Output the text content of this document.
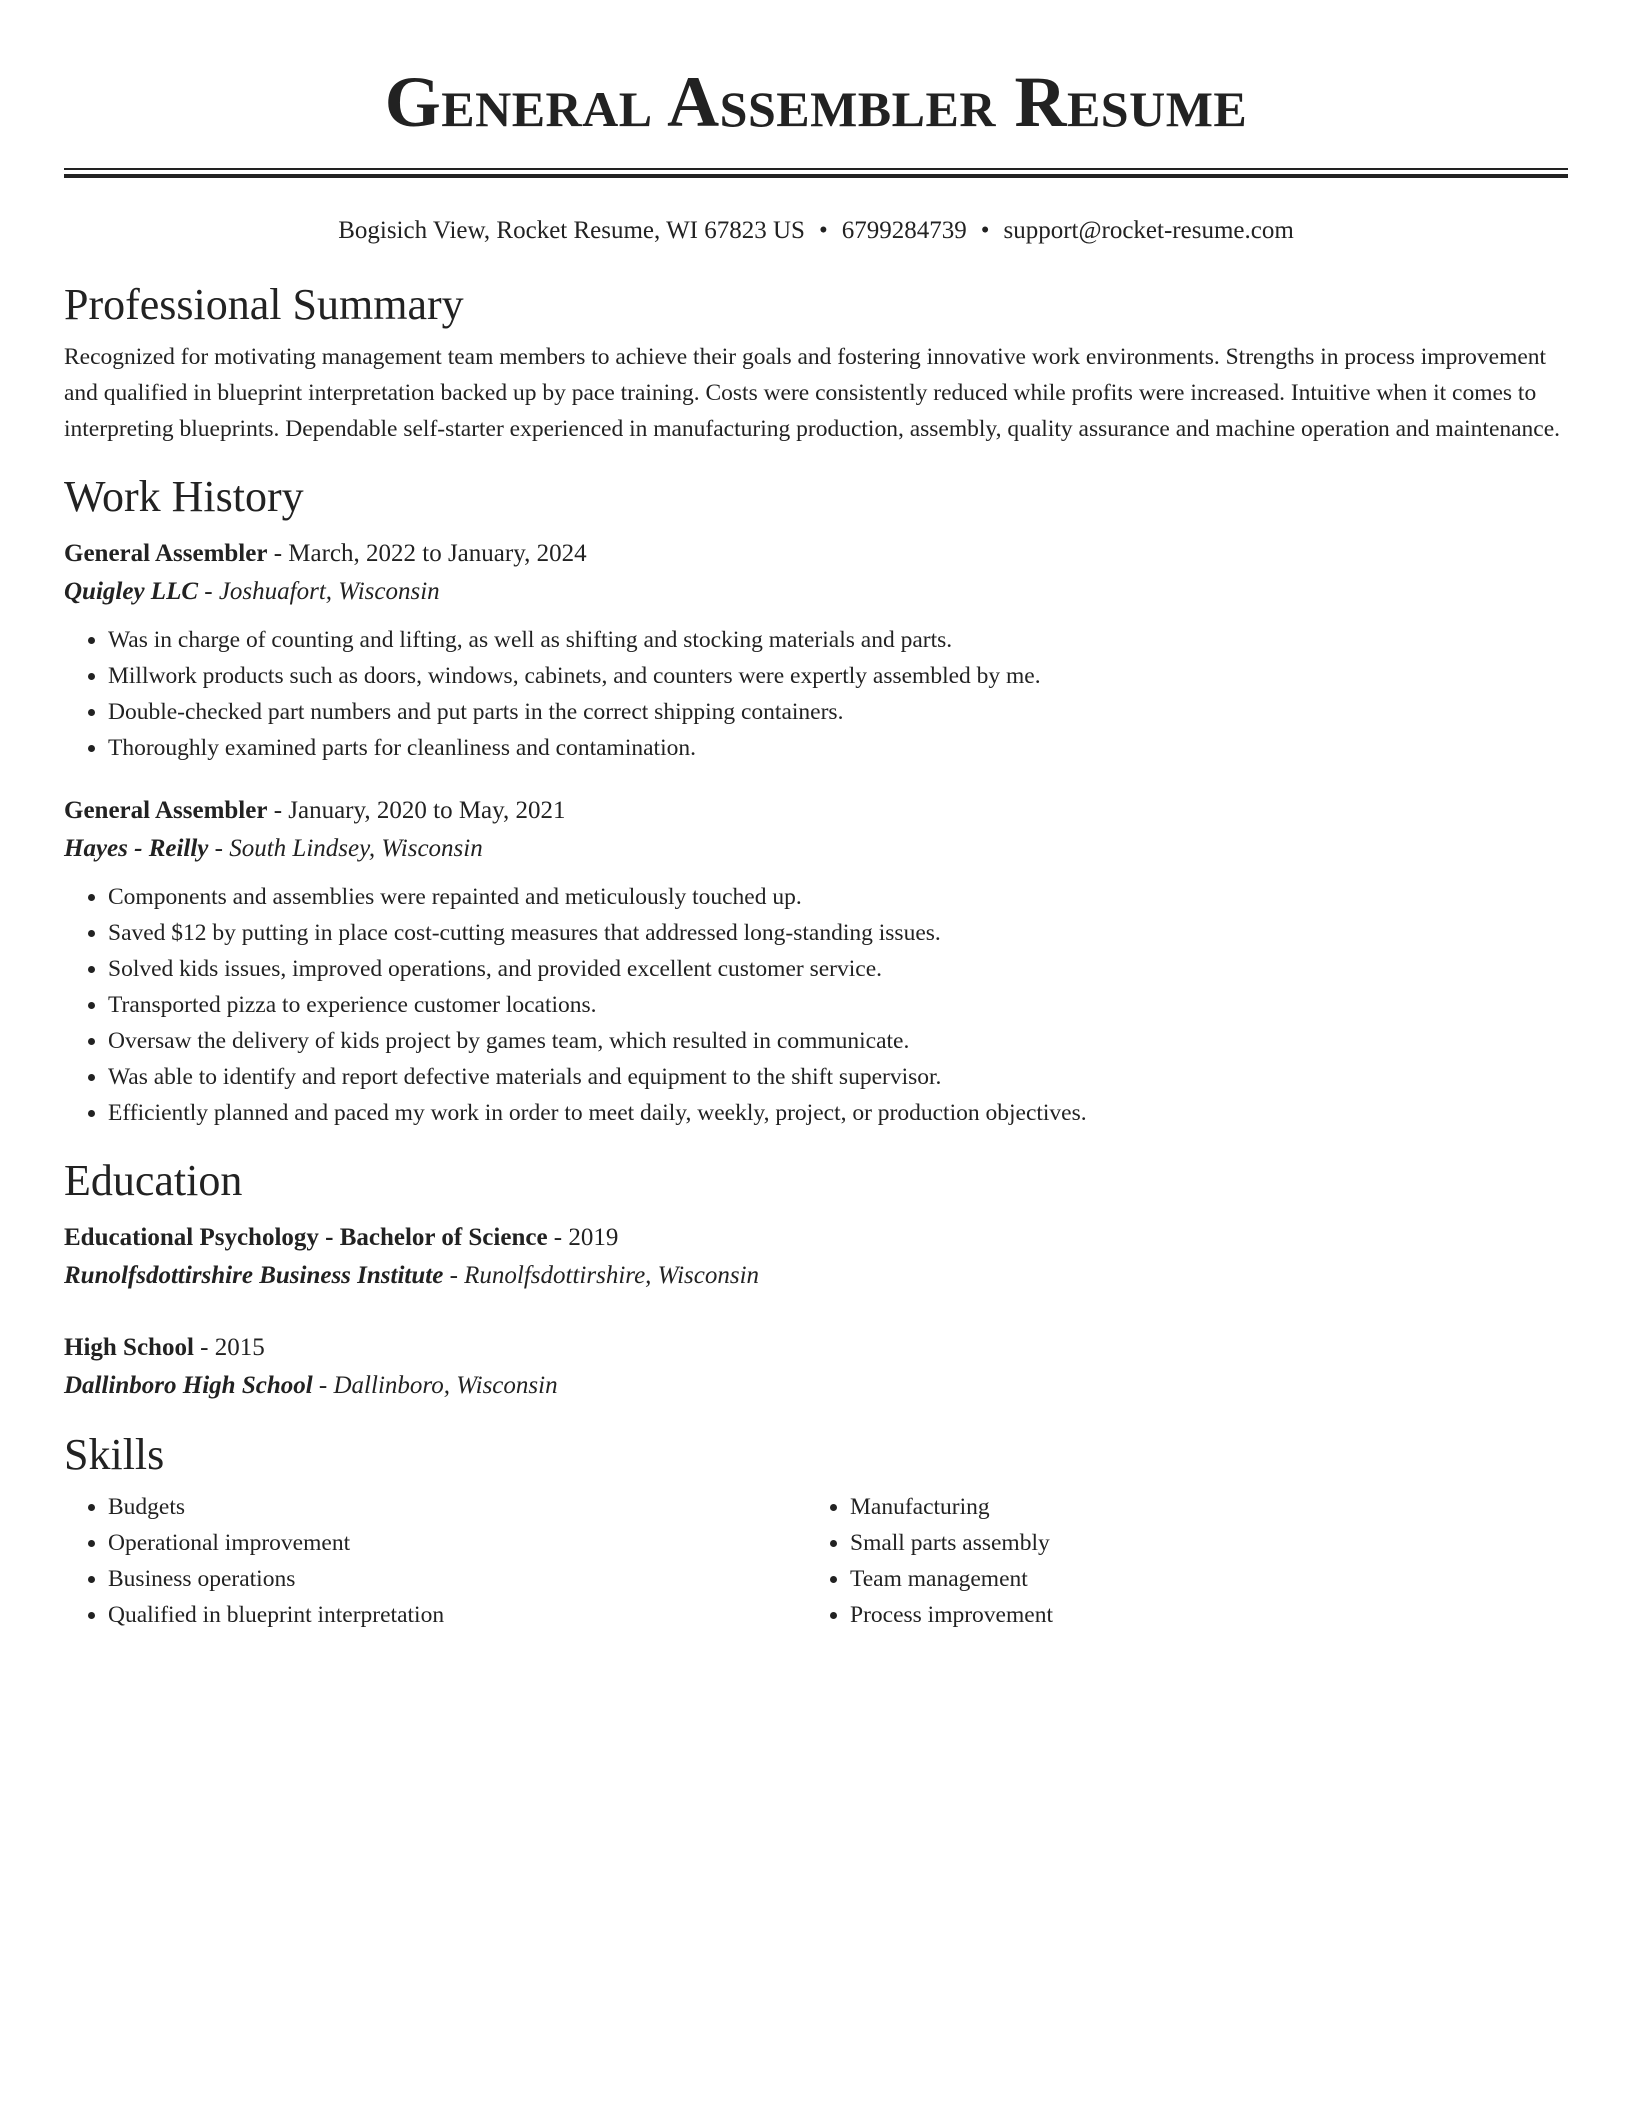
General Assembler Resume
Bogisich View, Rocket Resume, WI 67823 US • 6799284739 • support@rocket-resume.com
Professional Summary

Recognized for motivating management team members to achieve their goals and fostering innovative work environments. Strengths in process improvement and qualified in blueprint interpretation backed up by pace training. Costs were consistently reduced while profits were increased. Intuitive when it comes to interpreting blueprints. Dependable self-starter experienced in manufacturing production, assembly, quality assurance and machine operation and maintenance.

Work History
General Assembler - March, 2022 to January, 2024
Quigley LLC - Joshuafort, Wisconsin
• Was in charge of counting and lifting, as well as shifting and stocking materials and parts.
• Millwork products such as doors, windows, cabinets, and counters were expertly assembled by me.
• Double-checked part numbers and put parts in the correct shipping containers.
• Thoroughly examined parts for cleanliness and contamination.
General Assembler - January, 2020 to May, 2021
Hayes - Reilly - South Lindsey, Wisconsin
• Components and assemblies were repainted and meticulously touched up.
• Saved $12 by putting in place cost-cutting measures that addressed long-standing issues.
• Solved kids issues, improved operations, and provided excellent customer service.
• Transported pizza to experience customer locations.
• Oversaw the delivery of kids project by games team, which resulted in communicate.
• Was able to identify and report defective materials and equipment to the shift supervisor.
• Efficiently planned and paced my work in order to meet daily, weekly, project, or production objectives.
Education
Educational Psychology - Bachelor of Science - 2019
Runolfsdottirshire Business Institute - Runolfsdottirshire, Wisconsin
High School - 2015
Dallinboro High School - Dallinboro, Wisconsin
Skills
• Budgets
• Operational improvement
• Business operations
• Qualified in blueprint interpretation
• Manufacturing
• Small parts assembly
• Team management
• Process improvement
